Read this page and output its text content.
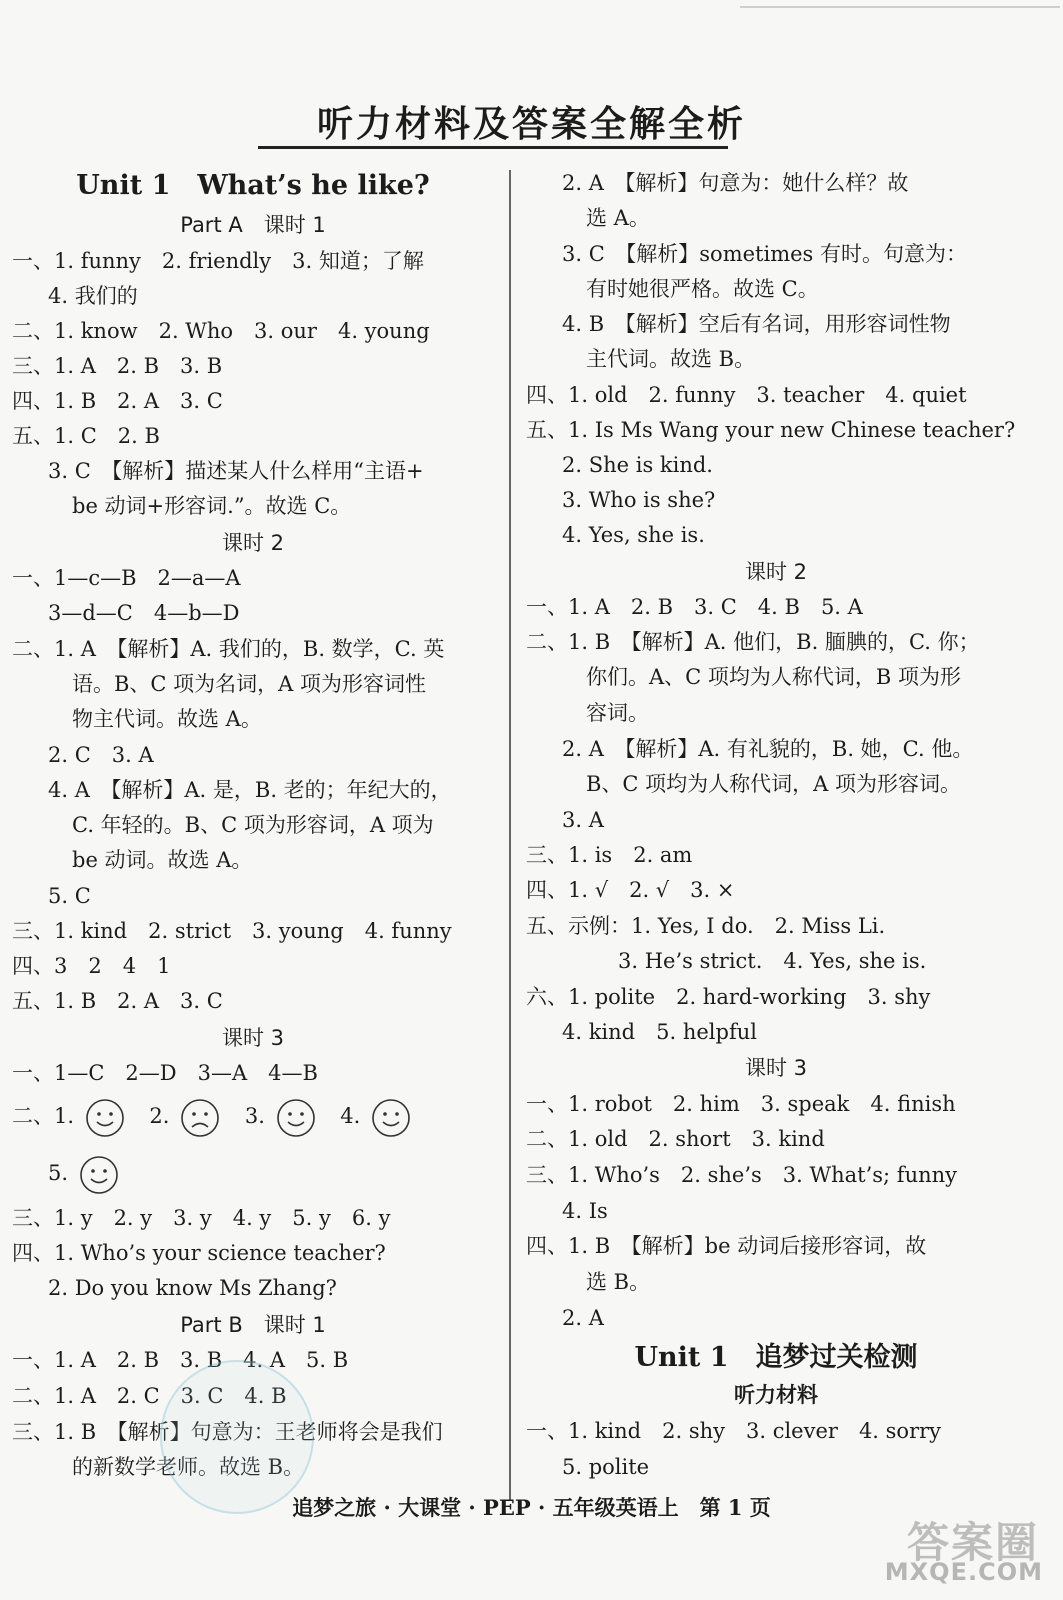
听力材料及答案全解全析
Unit 1　What’s he like?
Part A　课时 1
一、1. funny　2. friendly　3. 知道；了解
4. 我们的
二、1. know　2. Who　3. our　4. young
三、1. A　2. B　3. B
四、1. B　2. A　3. C
五、1. C　2. B
3. C　【解析】描述某人什么样用“主语+
be 动词+形容词.”。故选 C。
课时 2
一、1—c—B　2—a—A
3—d—C　4—b—D
二、1. A　【解析】A. 我们的，B. 数学，C. 英
语。B、C 项为名词，A 项为形容词性
物主代词。故选 A。
2. C　3. A
4. A　【解析】A. 是，B. 老的；年纪大的，
C. 年轻的。B、C 项为形容词，A 项为
be 动词。故选 A。
5. C
三、1. kind　2. strict　3. young　4. funny
四、3　2　4　1
五、1. B　2. A　3. C
课时 3
一、1—C　2—D　3—A　4—B
二、1.	2.	3.	4.
5.
三、1. y　2. y　3. y　4. y　5. y　6. y
四、1. Who’s your science teacher?
2. Do you know Ms Zhang?
Part B　课时 1
一、1. A　2. B　3. B　4. A　5. B
二、1. A　2. C　3. C　4. B
三、1. B　【解析】句意为：王老师将会是我们
的新数学老师。故选 B。
2. A　【解析】句意为：她什么样？故
选 A。
3. C　【解析】sometimes 有时。句意为：
有时她很严格。故选 C。
4. B　【解析】空后有名词，用形容词性物
主代词。故选 B。
四、1. old　2. funny　3. teacher　4. quiet
五、1. Is Ms Wang your new Chinese teacher?
2. She is kind.
3. Who is she?
4. Yes, she is.
课时 2
一、1. A　2. B　3. C　4. B　5. A
二、1. B　【解析】A. 他们，B. 腼腆的，C. 你；
你们。A、C 项均为人称代词，B 项为形
容词。
2. A　【解析】A. 有礼貌的，B. 她，C. 他。
B、C 项均为人称代词，A 项为形容词。
3. A
三、1. is　2. am
四、1. √　2. √　3. ×
五、示例：1. Yes, I do.　2. Miss Li.
3. He’s strict.　4. Yes, she is.
六、1. polite　2. hard-working　3. shy
4. kind　5. helpful
课时 3
一、1. robot　2. him　3. speak　4. finish
二、1. old　2. short　3. kind
三、1. Who’s　2. she’s　3. What’s; funny
4. Is
四、1. B　【解析】be 动词后接形容词，故
选 B。
2. A
Unit 1　追梦过关检测
听力材料
一、1. kind　2. shy　3. clever　4. sorry
5. polite
追梦之旅 · 大课堂 · PEP · 五年级英语上　第 1 页
答案圈
MXQE.COM
